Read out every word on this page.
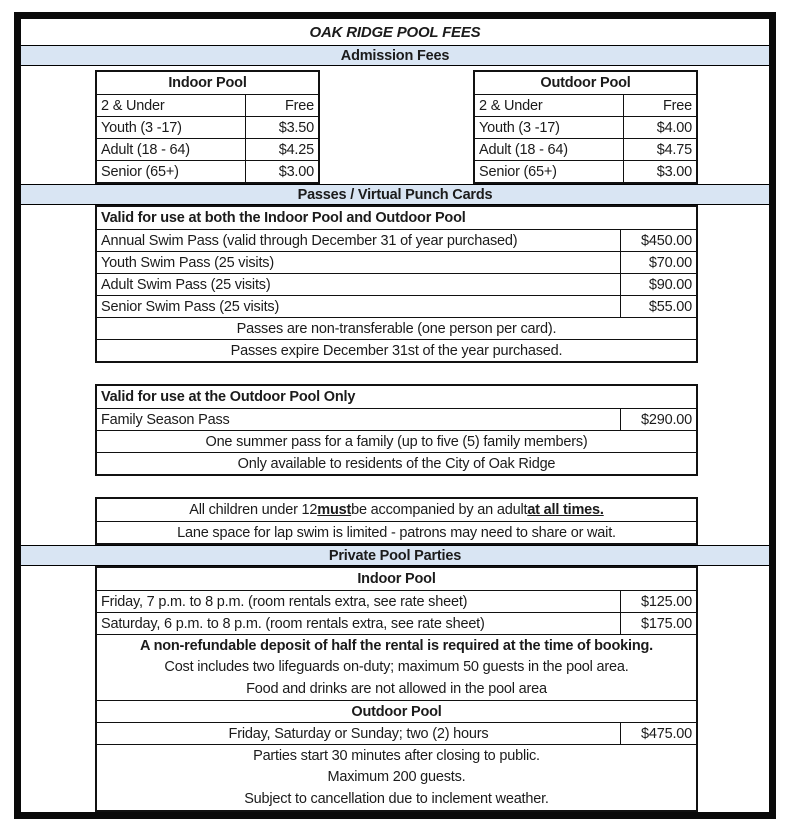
OAK RIDGE POOL FEES
Admission Fees
Indoor Pool
2 & Under	Free
Youth (3 -17)	$3.50
Adult (18 - 64)	$4.25
Senior (65+)	$3.00
Outdoor Pool
2 & Under	Free
Youth (3 -17)	$4.00
Adult (18 - 64)	$4.75
Senior (65+)	$3.00
Passes / Virtual Punch Cards
Valid for use at both the Indoor Pool and Outdoor Pool
Annual Swim Pass (valid through December 31 of year purchased)	$450.00
Youth Swim Pass (25 visits)	$70.00
Adult Swim Pass (25 visits)	$90.00
Senior Swim Pass (25 visits)	$55.00
Passes are non-transferable (one person per card).
Passes expire December 31st of the year purchased.
Valid for use at the Outdoor Pool Only
Family Season Pass	$290.00
One summer pass for a family (up to five (5) family members)
Only available to residents of the City of Oak Ridge
All children under 12 must be accompanied by an adult at all times.
Lane space for lap swim is limited - patrons may need to share or wait.
Private Pool Parties
Indoor Pool
Friday, 7 p.m. to 8 p.m. (room rentals extra, see rate sheet)	$125.00
Saturday, 6 p.m. to 8 p.m. (room rentals extra, see rate sheet)	$175.00
A non-refundable deposit of half the rental is required at the time of booking.
Cost includes two lifeguards on-duty; maximum 50 guests in the pool area.
Food and drinks are not allowed in the pool area
Outdoor Pool
Friday, Saturday or Sunday; two (2) hours	$475.00
Parties start 30 minutes after closing to public.
Maximum 200 guests.
Subject to cancellation due to inclement weather.
